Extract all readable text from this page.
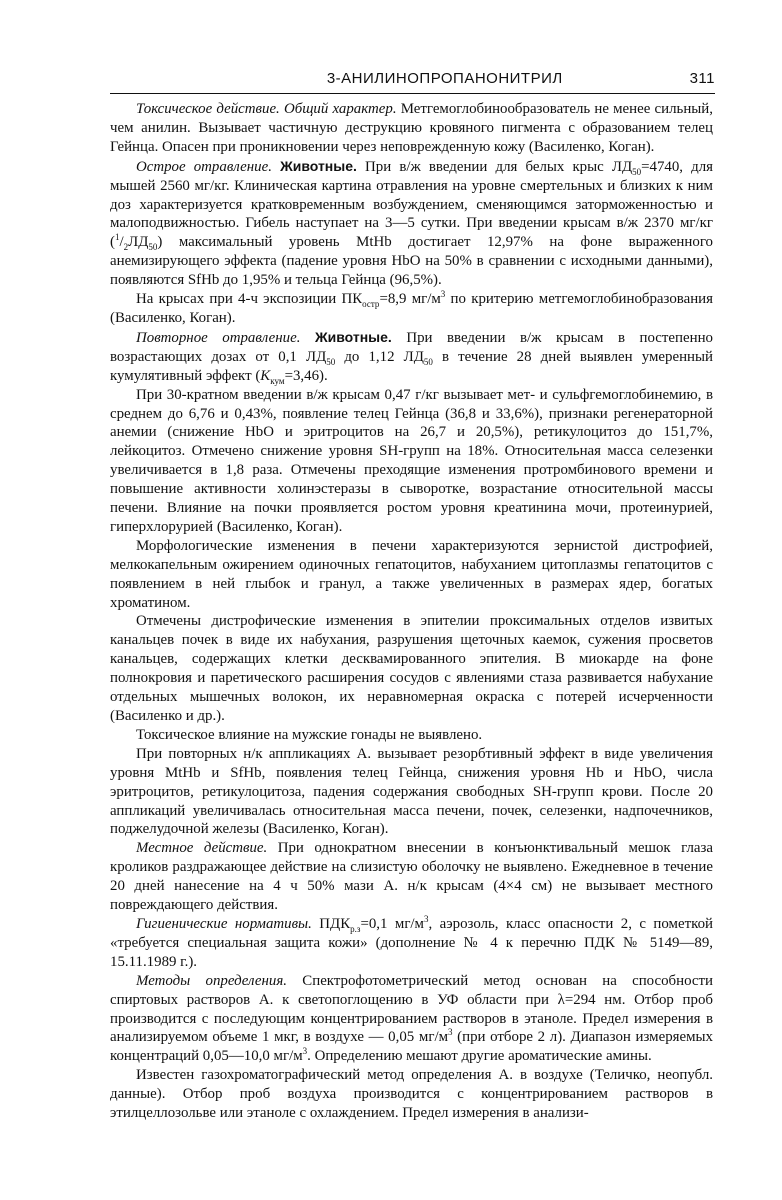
3-АНИЛИНОПРОПАНОНИТРИЛ	311

Токсическое действие. Общий характер. Метгемоглобинообразователь не менее сильный, чем анилин. Вызывает частичную деструкцию кровяного пигмента с образованием телец Гейнца. Опасен при проникновении через неповрежденную кожу (Василенко, Коган).

Острое отравление. Животные. При в/ж введении для белых крыс $ЛД_{50}=4740$, для мышей 2560 мг/кг. Клиническая картина отравления на уровне смертельных и близких к ним доз характеризуется кратковременным возбуждением, сменяющимся заторможенностью и малоподвижностью. Гибель наступает на 3—5 сутки. При введении крысам в/ж 2370 мг/кг $(^1/_2ЛД_{50})$ максимальный уровень MtHb достигает 12,97% на фоне выраженного анемизирующего эффекта (падение уровня HbO на 50% в сравнении с исходными данными), появляются SfHb до 1,95% и тельца Гейнца (96,5%).

На крысах при 4-ч экспозиции $ПК_{остр}=8,9$ $мг/м^3$ по критерию метгемоглобинобразования (Василенко, Коган).

Повторное отравление. Животные. При введении в/ж крысам в постепенно возрастающих дозах от 0,1 $ЛД_{50}$ до 1,12 $ЛД_{50}$ в течение 28 дней выявлен умеренный кумулятивный эффект $(K_{кум}=3,46)$.

При 30-кратном введении в/ж крысам 0,47 г/кг вызывает мет- и сульфгемоглобинемию, в среднем до 6,76 и 0,43%, появление телец Гейнца (36,8 и 33,6%), признаки регенераторной анемии (снижение HbO и эритроцитов на 26,7 и 20,5%), ретикулоцитоз до 151,7%, лейкоцитоз. Отмечено снижение уровня SH-групп на 18%. Относительная масса селезенки увеличивается в 1,8 раза. Отмечены преходящие изменения протромбинового времени и повышение активности холинэстеразы в сыворотке, возрастание относительной массы печени. Влияние на почки проявляется ростом уровня креатинина мочи, протеинурией, гиперхлорурией (Василенко, Коган).

Морфологические изменения в печени характеризуются зернистой дистрофией, мелкокапельным ожирением одиночных гепатоцитов, набуханием цитоплазмы гепатоцитов с появлением в ней глыбок и гранул, а также увеличенных в размерах ядер, богатых хроматином.

Отмечены дистрофические изменения в эпителии проксимальных отделов извитых канальцев почек в виде их набухания, разрушения щеточных каемок, сужения просветов канальцев, содержащих клетки десквамированного эпителия. В миокарде на фоне полнокровия и паретического расширения сосудов с явлениями стаза развивается набухание отдельных мышечных волокон, их неравномерная окраска с потерей исчерченности (Василенко и др.).

Токсическое влияние на мужские гонады не выявлено.

При повторных н/к аппликациях А. вызывает резорбтивный эффект в виде увеличения уровня MtHb и SfHb, появления телец Гейнца, снижения уровня Hb и HbO, числа эритроцитов, ретикулоцитоза, падения содержания свободных SH-групп крови. После 20 аппликаций увеличивалась относительная масса печени, почек, селезенки, надпочечников, поджелудочной железы (Василенко, Коган).

Местное действие. При однократном внесении в конъюнктивальный мешок глаза кроликов раздражающее действие на слизистую оболочку не выявлено. Ежедневное в течение 20 дней нанесение на 4 ч 50% мази А. н/к крысам (4×4 см) не вызывает местного повреждающего действия.

Гигиенические нормативы. $ПДК_{р.з}=0,1$ $мг/м^3$, аэрозоль, класс опасности 2, с пометкой «требуется специальная защита кожи» (дополнение № 4 к перечню ПДК № 5149—89, 15.11.1989 г.).

Методы определения. Спектрофотометрический метод основан на способности спиртовых растворов А. к светопоглощению в УФ области при λ=294 нм. Отбор проб производится с последующим концентрированием растворов в этаноле. Предел измерения в анализируемом объеме 1 мкг, в воздухе — 0,05 $мг/м^3$ (при отборе 2 л). Диапазон измеряемых концентраций 0,05—10,0 $мг/м^3$. Определению мешают другие ароматические амины.

Известен газохроматографический метод определения А. в воздухе (Теличко, неопубл. данные). Отбор проб воздуха производится с концентрированием растворов в этилцеллозольве или этаноле с охлаждением. Предел измерения в анализи-
